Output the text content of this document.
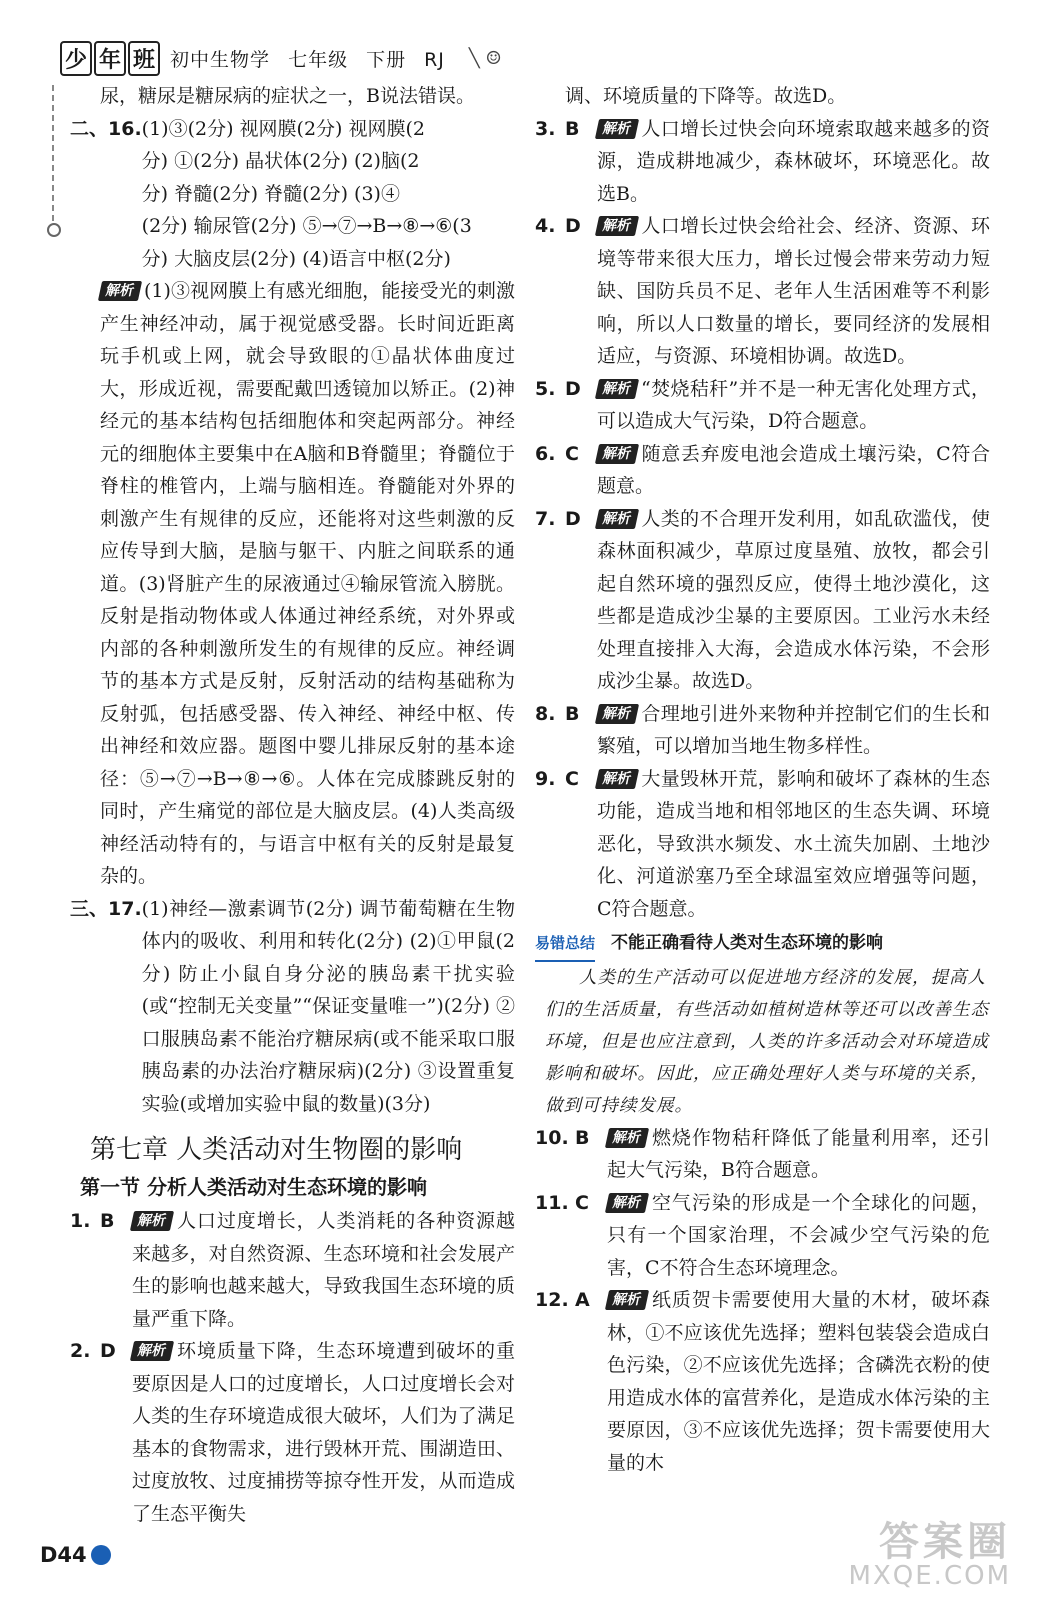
少 年 班 初中生物学 七年级 下册 RJ	╲ ☺

尿，糖尿是糖尿病的症状之一，B说法错误。

二、16. (1)③(2分) 视网膜(2分) 视网膜(2
分) ①(2分) 晶状体(2分) (2)脑(2
分) 脊髓(2分) 脊髓(2分) (3)④
(2分) 输尿管(2分) ⑤→⑦→B→⑧→⑥(3
分) 大脑皮层(2分) (4)语言中枢(2分)

解析 (1)③视网膜上有感光细胞，能接受光的刺激产生神经冲动，属于视觉感受器。长时间近距离玩手机或上网，就会导致眼的①晶状体曲度过大，形成近视，需要配戴凹透镜加以矫正。(2)神经元的基本结构包括细胞体和突起两部分。神经元的细胞体主要集中在A脑和B脊髓里；脊髓位于脊柱的椎管内，上端与脑相连。脊髓能对外界的刺激产生有规律的反应，还能将对这些刺激的反应传导到大脑，是脑与躯干、内脏之间联系的通道。(3)肾脏产生的尿液通过④输尿管流入膀胱。反射是指动物体或人体通过神经系统，对外界或内部的各种刺激所发生的有规律的反应。神经调节的基本方式是反射，反射活动的结构基础称为反射弧，包括感受器、传入神经、神经中枢、传出神经和效应器。题图中婴儿排尿反射的基本途径：⑤→⑦→B→⑧→⑥。人体在完成膝跳反射的同时，产生痛觉的部位是大脑皮层。(4)人类高级神经活动特有的，与语言中枢有关的反射是最复杂的。

三、17. (1)神经—激素调节(2分) 调节葡萄糖在生物体内的吸收、利用和转化(2分) (2)①甲鼠(2分) 防止小鼠自身分泌的胰岛素干扰实验(或“控制无关变量”“保证变量唯一”)(2分) ②口服胰岛素不能治疗糖尿病(或不能采取口服胰岛素的办法治疗糖尿病)(2分) ③设置重复实验(或增加实验中鼠的数量)(3分)
第七章 人类活动对生物圈的影响
第一节 分析人类活动对生态环境的影响
1. B	解析 人口过度增长，人类消耗的各种资源越来越多，对自然资源、生态环境和社会发展产生的影响也越来越大，导致我国生态环境的质量严重下降。
2. D	解析 环境质量下降，生态环境遭到破坏的重要原因是人口的过度增长，人口过度增长会对人类的生存环境造成很大破坏，人们为了满足基本的食物需求，进行毁林开荒、围湖造田、过度放牧、过度捕捞等掠夺性开发，从而造成了生态平衡失

调、环境质量的下降等。故选D。

3. B	解析 人口增长过快会向环境索取越来越多的资源，造成耕地减少，森林破坏，环境恶化。故选B。
4. D	解析 人口增长过快会给社会、经济、资源、环境等带来很大压力，增长过慢会带来劳动力短缺、国防兵员不足、老年人生活困难等不利影响，所以人口数量的增长，要同经济的发展相适应，与资源、环境相协调。故选D。
5. D	解析 “焚烧秸秆”并不是一种无害化处理方式，可以造成大气污染，D符合题意。
6. C	解析 随意丢弃废电池会造成土壤污染，C符合题意。
7. D	解析 人类的不合理开发利用，如乱砍滥伐，使森林面积减少，草原过度垦殖、放牧，都会引起自然环境的强烈反应，使得土地沙漠化，这些都是造成沙尘暴的主要原因。工业污水未经处理直接排入大海，会造成水体污染，不会形成沙尘暴。故选D。
8. B	解析 合理地引进外来物种并控制它们的生长和繁殖，可以增加当地生物多样性。
9. C	解析 大量毁林开荒，影响和破坏了森林的生态功能，造成当地和相邻地区的生态失调、环境恶化，导致洪水频发、水土流失加剧、土地沙化、河道淤塞乃至全球温室效应增强等问题，C符合题意。
易错总结 不能正确看待人类对生态环境的影响

人类的生产活动可以促进地方经济的发展，提高人们的生活质量，有些活动如植树造林等还可以改善生态环境，但是也应注意到，人类的许多活动会对环境造成影响和破坏。因此，应正确处理好人类与环境的关系，做到可持续发展。

10. B	解析 燃烧作物秸秆降低了能量利用率，还引起大气污染，B符合题意。
11. C	解析 空气污染的形成是一个全球化的问题，只有一个国家治理，不会减少空气污染的危害，C不符合生态环境理念。
12. A	解析 纸质贺卡需要使用大量的木材，破坏森林，①不应该优先选择；塑料包装袋会造成白色污染，②不应该优先选择；含磷洗衣粉的使用造成水体的富营养化，是造成水体污染的主要原因，③不应该优先选择；贺卡需要使用大量的木
D44	答案圈
MXQE.COM
